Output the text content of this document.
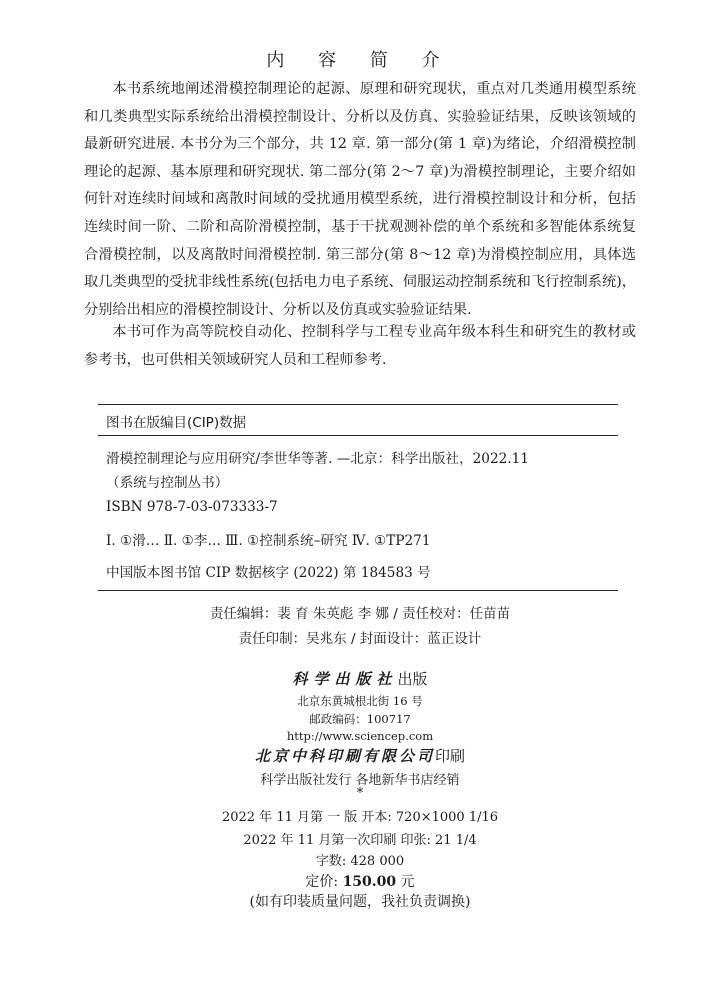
内 容 简 介

本书系统地阐述滑模控制理论的起源、原理和研究现状，重点对几类通用模型系统和几类典型实际系统给出滑模控制设计、分析以及仿真、实验验证结果，反映该领域的最新研究进展. 本书分为三个部分，共 12 章. 第一部分(第 1 章)为绪论，介绍滑模控制理论的起源、基本原理和研究现状. 第二部分(第 2～7 章)为滑模控制理论，主要介绍如何针对连续时间域和离散时间域的受扰通用模型系统，进行滑模控制设计和分析，包括连续时间一阶、二阶和高阶滑模控制，基于干扰观测补偿的单个系统和多智能体系统复合滑模控制，以及离散时间滑模控制. 第三部分(第 8～12 章)为滑模控制应用，具体选取几类典型的受扰非线性系统(包括电力电子系统、伺服运动控制系统和飞行控制系统)，分别给出相应的滑模控制设计、分析以及仿真或实验验证结果.

本书可作为高等院校自动化、控制科学与工程专业高年级本科生和研究生的教材或参考书，也可供相关领域研究人员和工程师参考.

图书在版编目(CIP)数据
滑模控制理论与应用研究/李世华等著. —北京：科学出版社，2022.11
（系统与控制丛书）
ISBN 978-7-03-073333-7
Ⅰ. ①滑… Ⅱ. ①李… Ⅲ. ①控制系统–研究 Ⅳ. ①TP271
中国版本图书馆 CIP 数据核字 (2022) 第 184583 号
责任编辑：裴 育 朱英彪 李 娜 / 责任校对：任苗苗
责任印制：吴兆东 / 封面设计：蓝正设计
科学出版社出版
北京东黄城根北街 16 号
邮政编码：100717
http://www.sciencep.com
北京中科印刷有限公司印刷
科学出版社发行 各地新华书店经销
*
2022 年 11 月第 一 版 开本: 720×1000 1/16
2022 年 11 月第一次印刷 印张: 21 1/4
字数: 428 000
定价: 150.00 元
(如有印装质量问题，我社负责调换)
